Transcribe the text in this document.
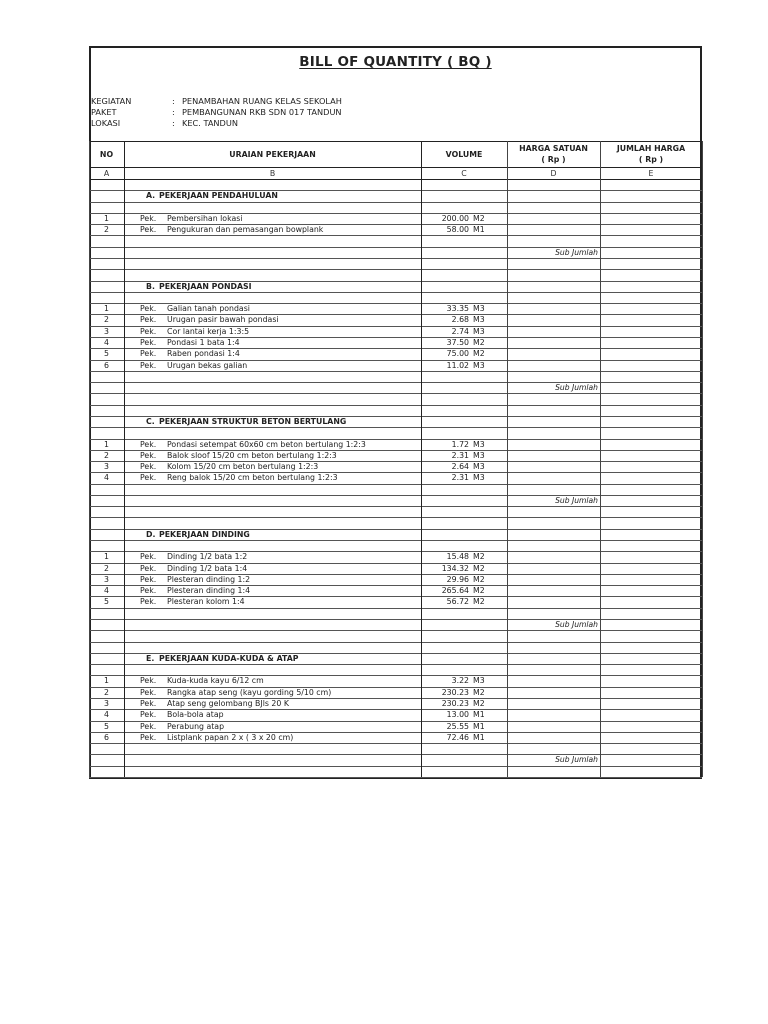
BILL OF QUANTITY ( BQ )
KEGIATAN	: PENAMBAHAN RUANG KELAS SEKOLAH
PAKET	: PEMBANGUNAN RKB SDN 017 TANDUN
LOKASI	: KEC. TANDUN
NO	URAIAN PEKERJAAN	VOLUME
HARGA SATUAN
( Rp )
JUMLAH HARGA
( Rp )
A	B	C	D	E
A. PEKERJAAN PENDAHULUAN
1	Pek. Pembersihan lokasi	200.00 M2
2	Pek. Pengukuran dan pemasangan bowplank	58.00 M1
Sub Jumlah
B. PEKERJAAN PONDASI
1	Pek. Galian tanah pondasi	33.35 M3
2	Pek. Urugan pasir bawah pondasi	2.68 M3
3	Pek. Cor lantai kerja 1:3:5	2.74 M3
4	Pek. Pondasi 1 bata 1:4	37.50 M2
5	Pek. Raben pondasi 1:4	75.00 M2
6	Pek. Urugan bekas galian	11.02 M3
Sub Jumlah
C. PEKERJAAN STRUKTUR BETON BERTULANG
1	Pek. Pondasi setempat 60x60 cm beton bertulang 1:2:3	1.72 M3
2	Pek. Balok sloof 15/20 cm beton bertulang 1:2:3	2.31 M3
3	Pek. Kolom 15/20 cm beton bertulang 1:2:3	2.64 M3
4	Pek. Reng balok 15/20 cm beton bertulang 1:2:3	2.31 M3
Sub Jumlah
D. PEKERJAAN DINDING
1	Pek. Dinding 1/2 bata 1:2	15.48 M2
2	Pek. Dinding 1/2 bata 1:4	134.32 M2
3	Pek. Plesteran dinding 1:2	29.96 M2
4	Pek. Plesteran dinding 1:4	265.64 M2
5	Pek. Plesteran kolom 1:4	56.72 M2
Sub Jumlah
E. PEKERJAAN KUDA-KUDA & ATAP
1	Pek. Kuda-kuda kayu 6/12 cm	3.22 M3
2	Pek. Rangka atap seng (kayu gording 5/10 cm)	230.23 M2
3	Pek. Atap seng gelombang BJls 20 K	230.23 M2
4	Pek. Bola-bola atap	13.00 M1
5	Pek. Perabung atap	25.55 M1
6	Pek. Listplank papan 2 x ( 3 x 20 cm)	72.46 M1
Sub Jumlah
